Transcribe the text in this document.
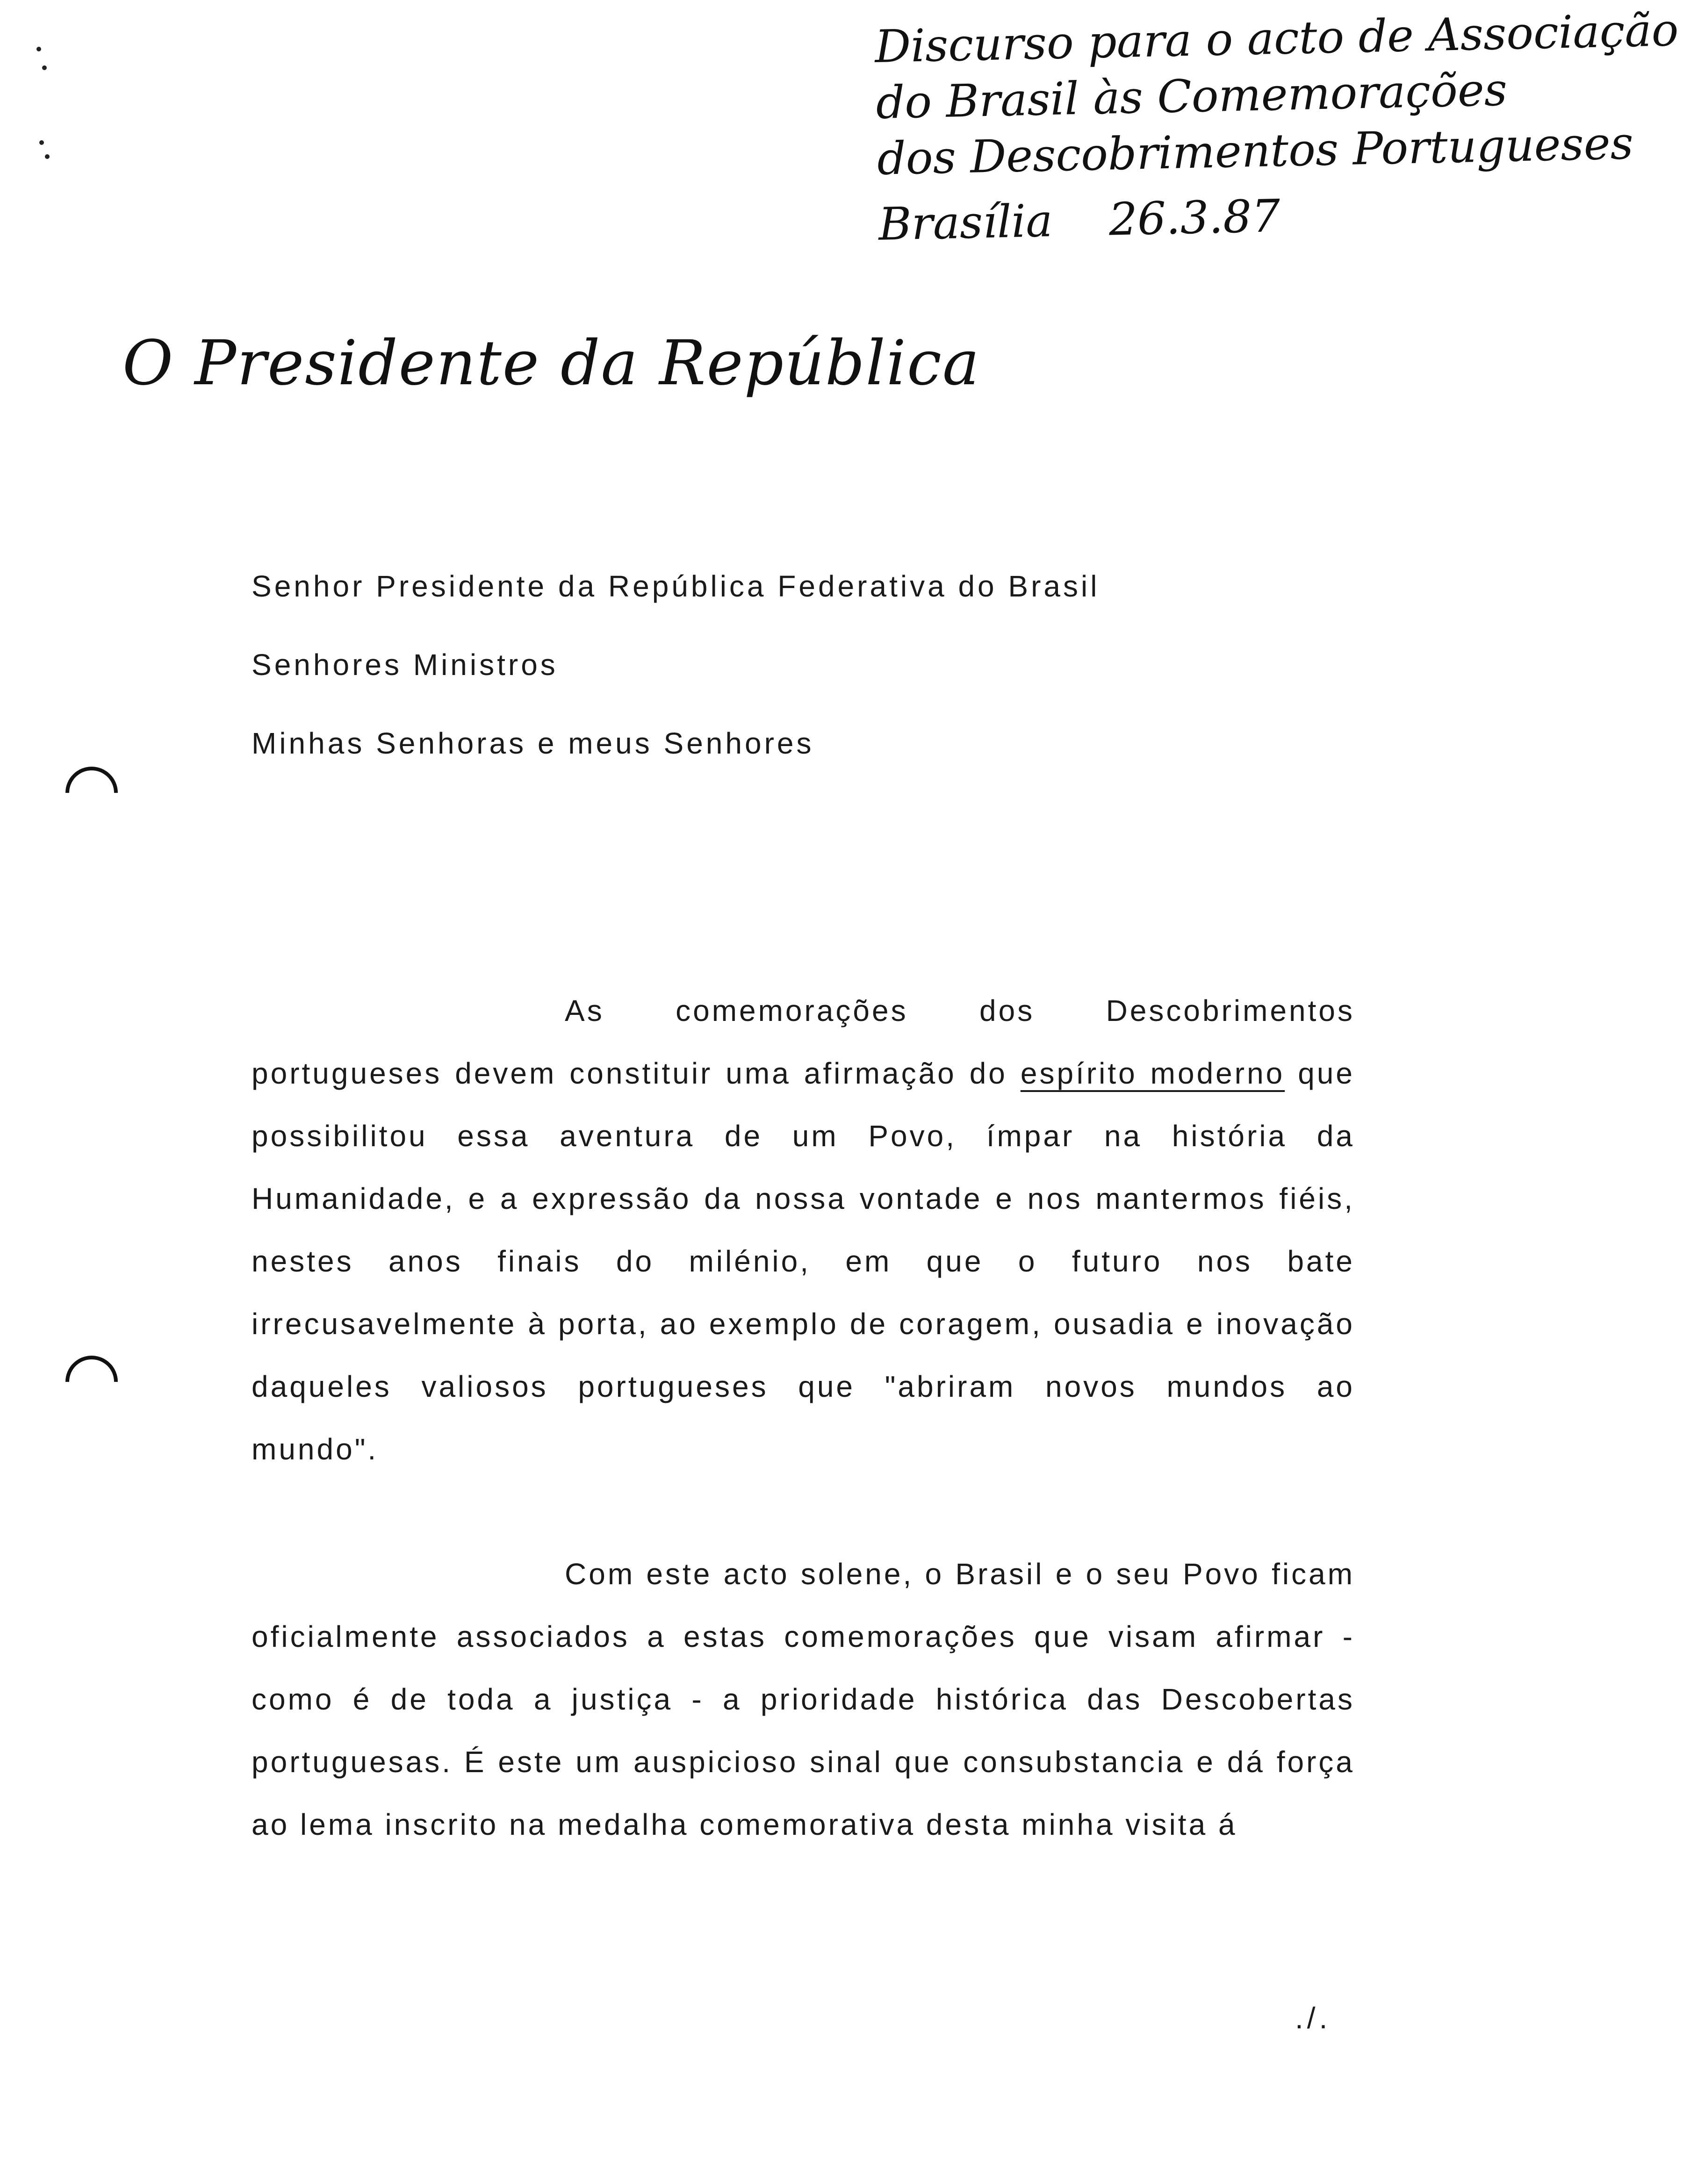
Discurso para o acto de Associação
do Brasil às Comemorações
dos Descobrimentos Portugueses
Brasília 26.3.87
O Presidente da República
Senhor Presidente da República Federativa do Brasil
Senhores Ministros
Minhas Senhoras e meus Senhores

As comemorações dos Descobrimentos portugueses devem constituir uma afirmação do espírito moderno que possibilitou essa aventura de um Povo, ímpar na história da Humanidade, e a expressão da nossa vontade e nos mantermos fiéis, nestes anos finais do milénio, em que o futuro nos bate irrecusavelmente à porta, ao exemplo de coragem, ousadia e inovação daqueles valiosos portugueses que "abriram novos mundos ao mundo".

Com este acto solene, o Brasil e o seu Povo ficam oficialmente associados a estas comemorações que visam afirmar - como é de toda a justiça - a prioridade histórica das Descobertas portuguesas. É este um auspicioso sinal que consubstancia e dá força ao lema inscrito na medalha comemorativa desta minha visita á

./.
